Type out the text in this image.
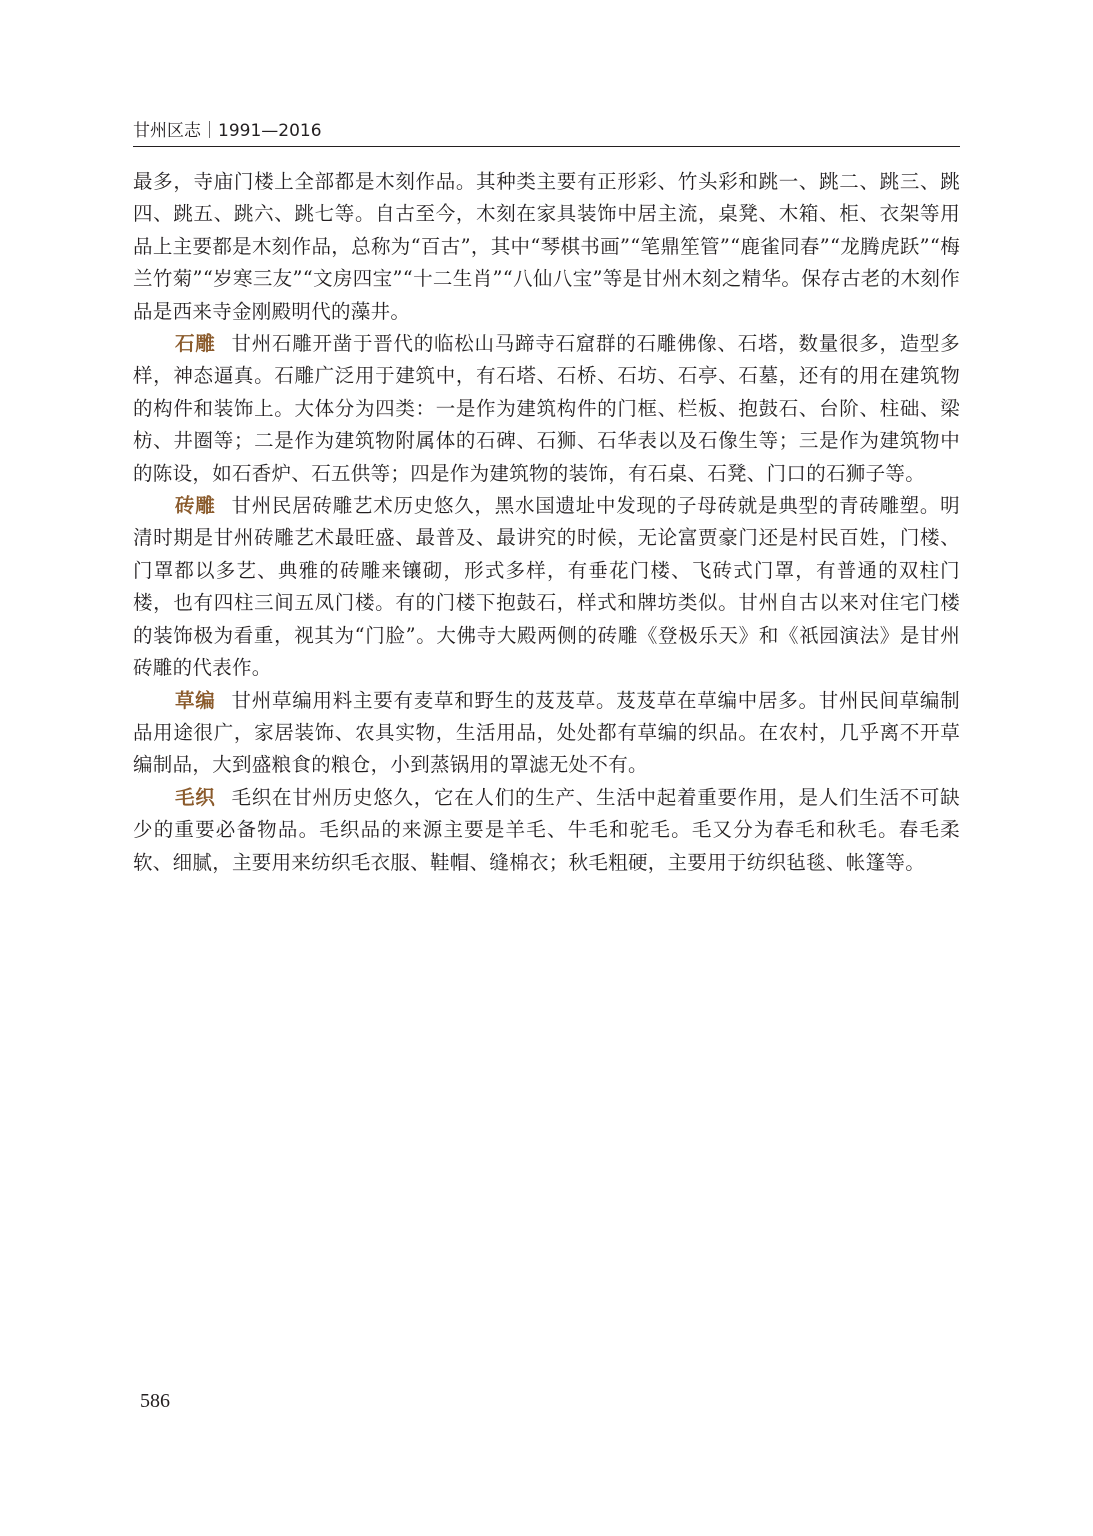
甘州区志｜1991—2016

最多，寺庙门楼上全部都是木刻作品。其种类主要有正形彩、竹头彩和跳一、跳二、跳三、跳四、跳五、跳六、跳七等。自古至今，木刻在家具装饰中居主流，桌凳、木箱、柜、衣架等用品上主要都是木刻作品，总称为“百古”，其中“琴棋书画”“笔鼎笙管”“鹿雀同春”“龙腾虎跃”“梅兰竹菊”“岁寒三友”“文房四宝”“十二生肖”“八仙八宝”等是甘州木刻之精华。保存古老的木刻作品是西来寺金刚殿明代的藻井。

石雕 甘州石雕开凿于晋代的临松山马蹄寺石窟群的石雕佛像、石塔，数量很多，造型多样，神态逼真。石雕广泛用于建筑中，有石塔、石桥、石坊、石亭、石墓，还有的用在建筑物的构件和装饰上。大体分为四类：一是作为建筑构件的门框、栏板、抱鼓石、台阶、柱础、梁枋、井圈等；二是作为建筑物附属体的石碑、石狮、石华表以及石像生等；三是作为建筑物中的陈设，如石香炉、石五供等；四是作为建筑物的装饰，有石桌、石凳、门口的石狮子等。

砖雕 甘州民居砖雕艺术历史悠久，黑水国遗址中发现的子母砖就是典型的青砖雕塑。明清时期是甘州砖雕艺术最旺盛、最普及、最讲究的时候，无论富贾豪门还是村民百姓，门楼、门罩都以多艺、典雅的砖雕来镶砌，形式多样，有垂花门楼、飞砖式门罩，有普通的双柱门楼，也有四柱三间五凤门楼。有的门楼下抱鼓石，样式和牌坊类似。甘州自古以来对住宅门楼的装饰极为看重，视其为“门脸”。大佛寺大殿两侧的砖雕《登极乐天》和《祇园演法》是甘州砖雕的代表作。

草编 甘州草编用料主要有麦草和野生的芨芨草。芨芨草在草编中居多。甘州民间草编制品用途很广，家居装饰、农具实物，生活用品，处处都有草编的织品。在农村，几乎离不开草编制品，大到盛粮食的粮仓，小到蒸锅用的罩滤无处不有。

毛织 毛织在甘州历史悠久，它在人们的生产、生活中起着重要作用，是人们生活不可缺少的重要必备物品。毛织品的来源主要是羊毛、牛毛和驼毛。毛又分为春毛和秋毛。春毛柔软、细腻，主要用来纺织毛衣服、鞋帽、缝棉衣；秋毛粗硬，主要用于纺织毡毯、帐篷等。

586
